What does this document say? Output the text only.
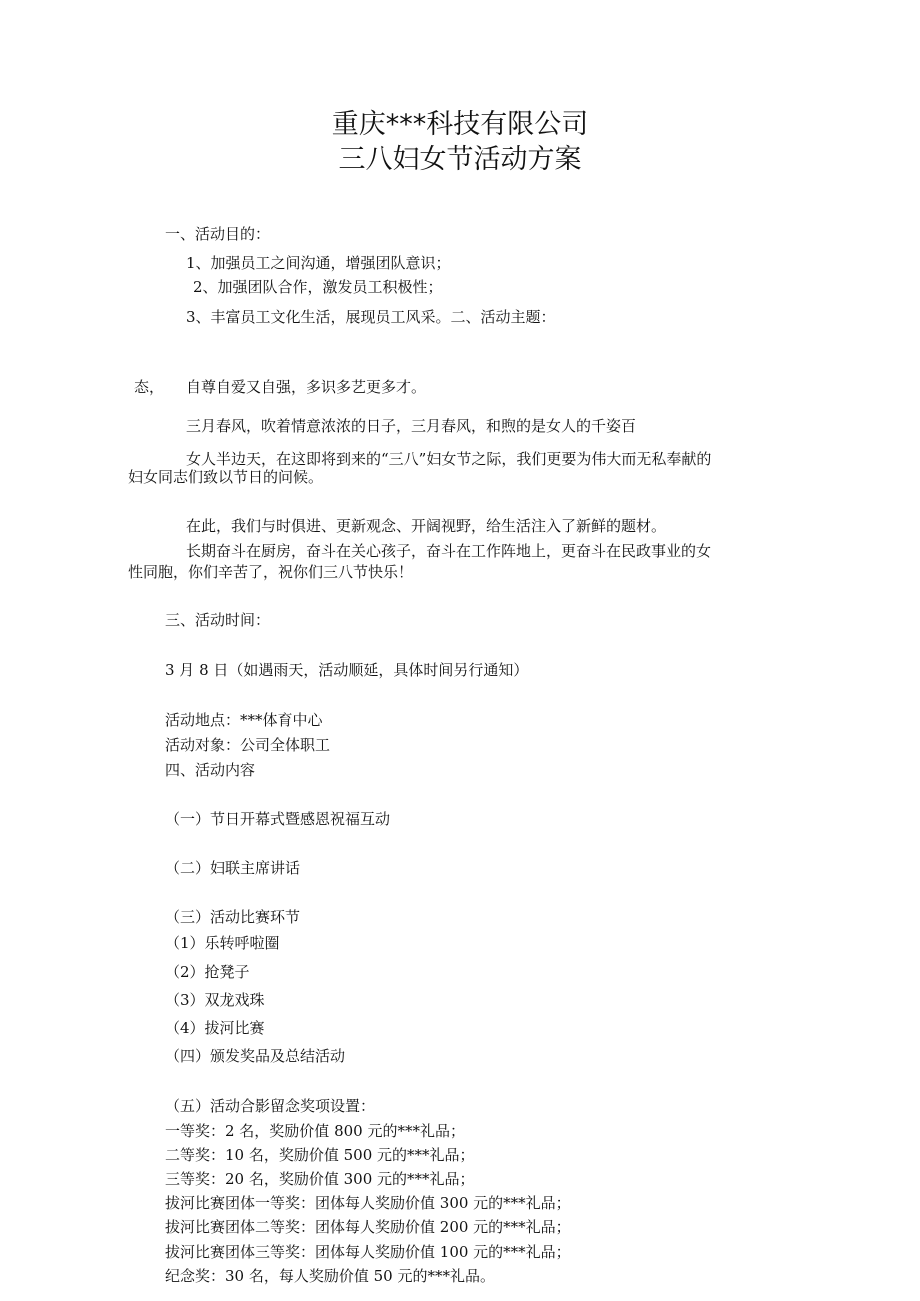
重庆***科技有限公司
三八妇女节活动方案
一、活动目的：
1、加强员工之间沟通，增强团队意识；
2、加强团队合作，激发员工积极性；
3、丰富员工文化生活，展现员工风采。二、活动主题：
态， 自尊自爱又自强，多识多艺更多才。
三月春风，吹着情意浓浓的日子，三月春风，和煦的是女人的千姿百
女人半边天，在这即将到来的“三八”妇女节之际，我们更要为伟大而无私奉献的
妇女同志们致以节日的问候。
在此，我们与时俱进、更新观念、开阔视野，给生活注入了新鲜的题材。
长期奋斗在厨房，奋斗在关心孩子，奋斗在工作阵地上，更奋斗在民政事业的女
性同胞，你们辛苦了，祝你们三八节快乐！
三、活动时间：
3 月 8 日（如遇雨天，活动顺延，具体时间另行通知）
活动地点：***体育中心
活动对象：公司全体职工
四、活动内容
（一）节日开幕式暨感恩祝福互动
（二）妇联主席讲话
（三）活动比赛环节
（1）乐转呼啦圈
（2）抢凳子
（3）双龙戏珠
（4）拔河比赛
（四）颁发奖品及总结活动
（五）活动合影留念奖项设置：
一等奖：2 名，奖励价值 800 元的***礼品；
二等奖：10 名，奖励价值 500 元的***礼品；
三等奖：20 名，奖励价值 300 元的***礼品；
拔河比赛团体一等奖：团体每人奖励价值 300 元的***礼品；
拔河比赛团体二等奖：团体每人奖励价值 200 元的***礼品；
拔河比赛团体三等奖：团体每人奖励价值 100 元的***礼品；
纪念奖：30 名，每人奖励价值 50 元的***礼品。
